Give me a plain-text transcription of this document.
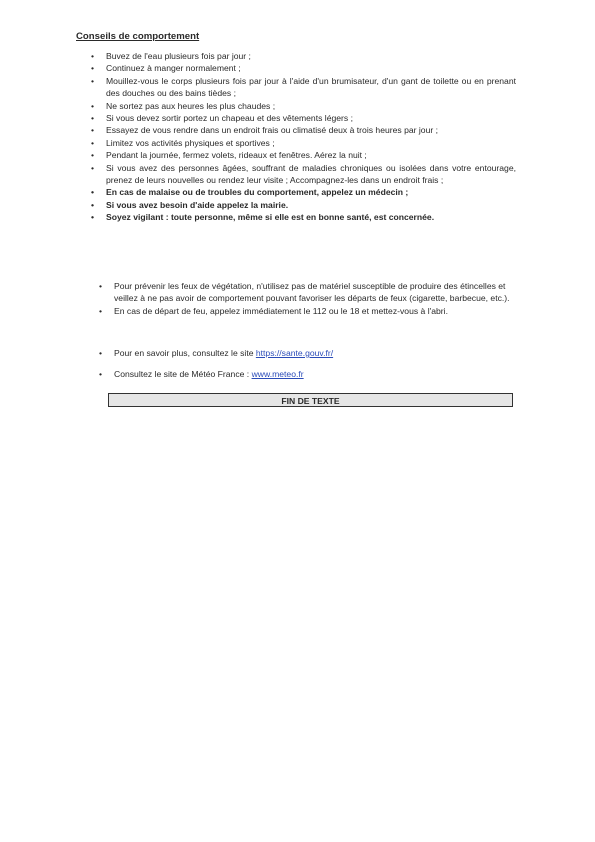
Conseils de comportement

• Buvez de l'eau plusieurs fois par jour ;
• Continuez à manger normalement ;
• Mouillez-vous le corps plusieurs fois par jour à l'aide d'un brumisateur, d'un gant de toilette ou en prenant des douches ou des bains tièdes ;
• Ne sortez pas aux heures les plus chaudes ;
• Si vous devez sortir portez un chapeau et des vêtements légers ;
• Essayez de vous rendre dans un endroit frais ou climatisé deux à trois heures par jour ;
• Limitez vos activités physiques et sportives ;
• Pendant la journée, fermez volets, rideaux et fenêtres. Aérez la nuit ;
• Si vous avez des personnes âgées, souffrant de maladies chroniques ou isolées dans votre entourage, prenez de leurs nouvelles ou rendez leur visite ; Accompagnez-les dans un endroit frais ;
• En cas de malaise ou de troubles du comportement, appelez un médecin ;
• Si vous avez besoin d'aide appelez la mairie.
• Soyez vigilant : toute personne, même si elle est en bonne santé, est concernée.
• Pour prévenir les feux de végétation, n'utilisez pas de matériel susceptible de produire des étincelles et veillez à ne pas avoir de comportement pouvant favoriser les départs de feux (cigarette, barbecue, etc.).
• En cas de départ de feu, appelez immédiatement le 112 ou le 18 et mettez-vous à l'abri.
• Pour en savoir plus, consultez le site https://sante.gouv.fr/
• Consultez le site de Météo France : www.meteo.fr
FIN DE TEXTE
